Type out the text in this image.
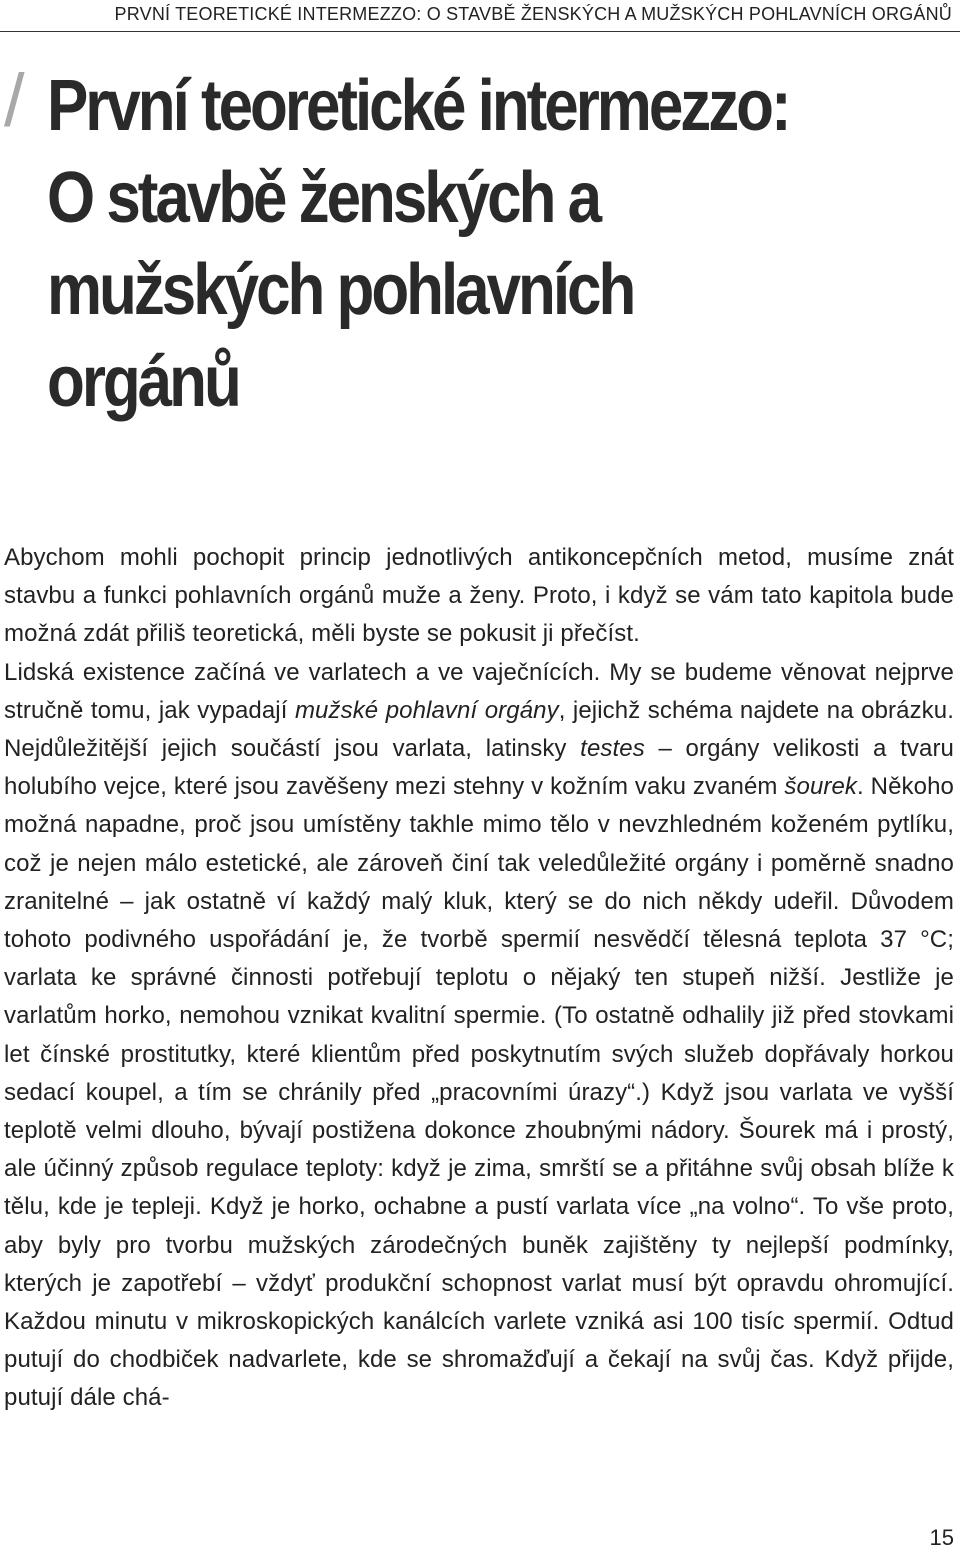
PRVNÍ TEORETICKÉ INTERMEZZO: O STAVBĚ ŽENSKÝCH A MUŽSKÝCH POHLAVNÍCH ORGÁNŮ
/ První teoretické intermezzo: O stavbě ženských a mužských pohlavních orgánů

Abychom mohli pochopit princip jednotlivých antikoncepčních metod, musíme znát stavbu a funkci pohlavních orgánů muže a ženy. Proto, i když se vám tato kapitola bude možná zdát přiliš teoretická, měli byste se pokusit ji přečíst.

Lidská existence začíná ve varlatech a ve vaječnících. My se budeme věnovat nejprve stručně tomu, jak vypadají mužské pohlavní orgány, jejichž schéma najdete na obrázku. Nejdůležitější jejich součástí jsou varlata, latinsky testes – orgány velikosti a tvaru holubího vejce, které jsou zavěšeny mezi stehny v kožním vaku zvaném šourek. Někoho možná napadne, proč jsou umístěny takhle mimo tělo v nevzhledném koženém pytlíku, což je nejen málo estetické, ale zároveň činí tak veledůležité orgány i poměrně snadno zranitelné – jak ostatně ví každý malý kluk, který se do nich někdy udeřil. Důvodem tohoto podivného uspořádání je, že tvorbě spermií nesvědčí tělesná teplota 37 °C; varlata ke správné činnosti potřebují teplotu o nějaký ten stupeň nižší. Jestliže je varlatům horko, nemohou vznikat kvalitní spermie. (To ostatně odhalily již před stovkami let čínské prostitutky, které klientům před poskytnutím svých služeb dopřávaly horkou sedací koupel, a tím se chránily před „pracovními úrazy“.) Když jsou varlata ve vyšší teplotě velmi dlouho, bývají postižena dokonce zhoubnými nádory. Šourek má i prostý, ale účinný způsob regulace teploty: když je zima, smrští se a přitáhne svůj obsah blíže k tělu, kde je tepleji. Když je horko, ochabne a pustí varlata více „na volno“. To vše proto, aby byly pro tvorbu mužských zárodečných buněk zajištěny ty nejlepší podmínky, kterých je zapotřebí – vždyť produkční schopnost varlat musí být opravdu ohromující. Každou minutu v mikroskopických kanálcích varlete vzniká asi 100 tisíc spermií. Odtud putují do chodbiček nadvarlete, kde se shromažďují a čekají na svůj čas. Když přijde, putují dále chá-

15
